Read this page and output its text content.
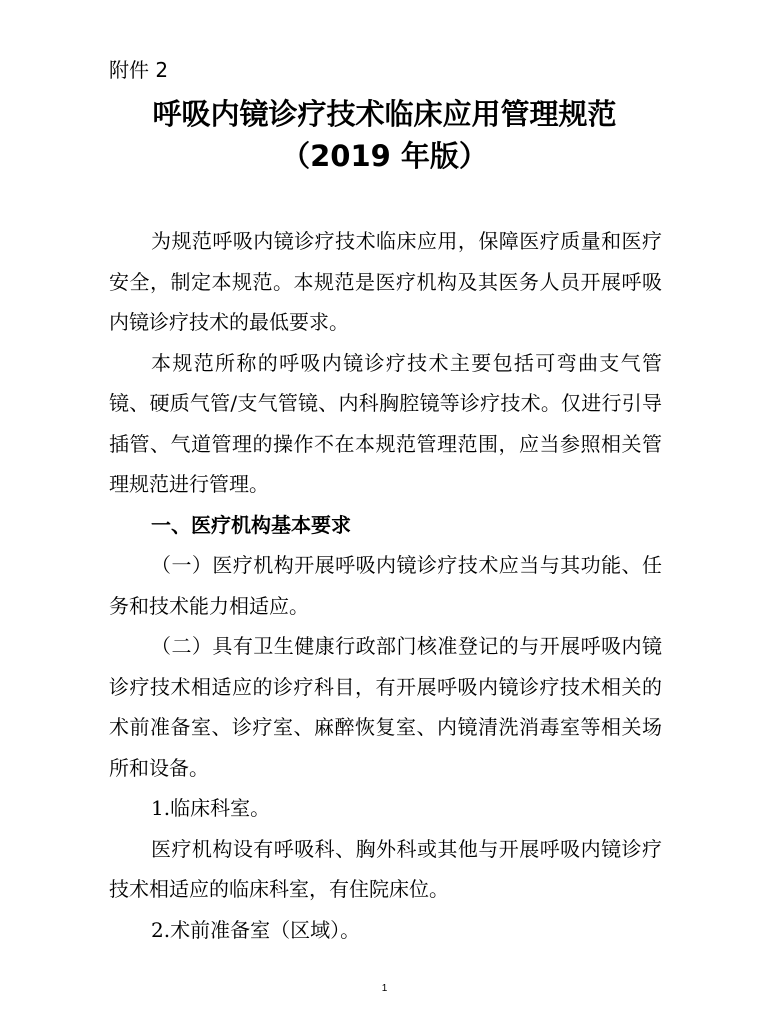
附件 2
呼吸内镜诊疗技术临床应用管理规范
（2019 年版）

为规范呼吸内镜诊疗技术临床应用，保障医疗质量和医疗安全，制定本规范。本规范是医疗机构及其医务人员开展呼吸内镜诊疗技术的最低要求。

本规范所称的呼吸内镜诊疗技术主要包括可弯曲支气管镜、硬质气管/支气管镜、内科胸腔镜等诊疗技术。仅进行引导插管、气道管理的操作不在本规范管理范围，应当参照相关管理规范进行管理。

一、医疗机构基本要求

（一）医疗机构开展呼吸内镜诊疗技术应当与其功能、任务和技术能力相适应。

（二）具有卫生健康行政部门核准登记的与开展呼吸内镜诊疗技术相适应的诊疗科目，有开展呼吸内镜诊疗技术相关的术前准备室、诊疗室、麻醉恢复室、内镜清洗消毒室等相关场所和设备。

1.临床科室。

医疗机构设有呼吸科、胸外科或其他与开展呼吸内镜诊疗技术相适应的临床科室，有住院床位。

2.术前准备室（区域）。

1
